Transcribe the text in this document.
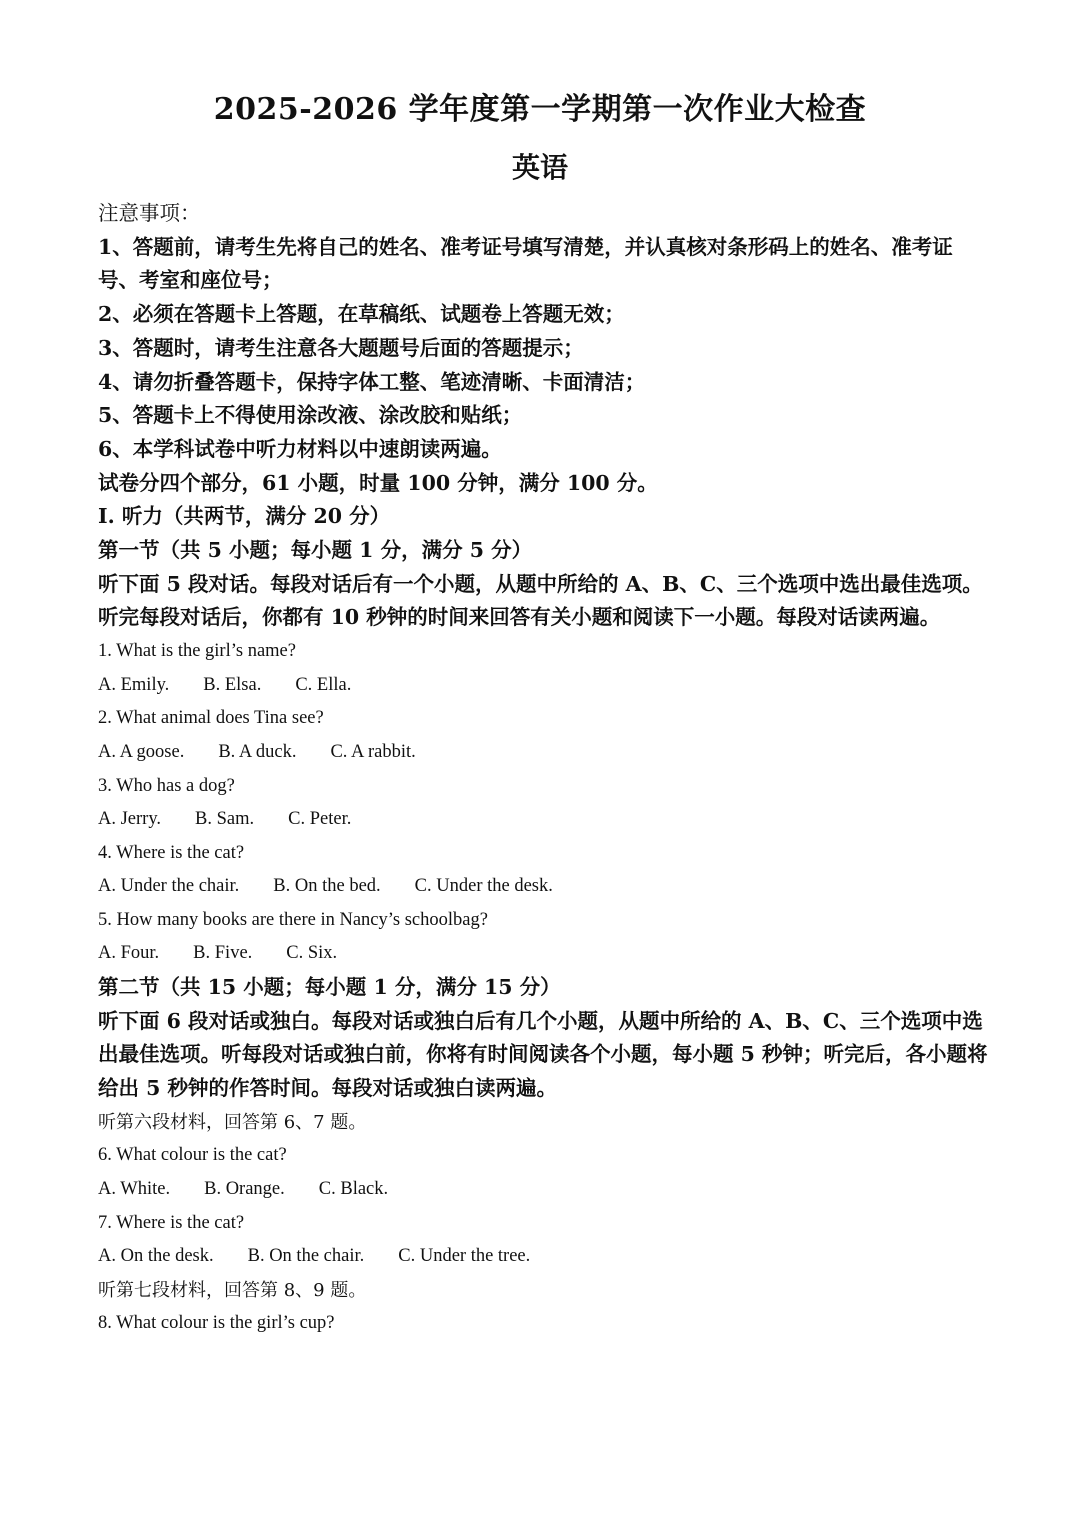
2025-2026 学年度第一学期第一次作业大检查
英语
注意事项：
1、答题前，请考生先将自己的姓名、准考证号填写清楚，并认真核对条形码上的姓名、准考证号、考室和座位号；
2、必须在答题卡上答题，在草稿纸、试题卷上答题无效；
3、答题时，请考生注意各大题题号后面的答题提示；
4、请勿折叠答题卡，保持字体工整、笔迹清晰、卡面清洁；
5、答题卡上不得使用涂改液、涂改胶和贴纸；
6、本学科试卷中听力材料以中速朗读两遍。
试卷分四个部分，61 小题，时量 100 分钟，满分 100 分。
I. 听力（共两节，满分 20 分）
第一节（共 5 小题；每小题 1 分，满分 5 分）
听下面 5 段对话。每段对话后有一个小题，从题中所给的 A、B、C、三个选项中选出最佳选项。听完每段对话后，你都有 10 秒钟的时间来回答有关小题和阅读下一小题。每段对话读两遍。
1. What is the girl’s name?
A. Emily. B. Elsa. C. Ella.
2. What animal does Tina see?
A. A goose. B. A duck. C. A rabbit.
3. Who has a dog?
A. Jerry. B. Sam. C. Peter.
4. Where is the cat?
A. Under the chair. B. On the bed. C. Under the desk.
5. How many books are there in Nancy’s schoolbag?
A. Four. B. Five. C. Six.
第二节（共 15 小题；每小题 1 分，满分 15 分）
听下面 6 段对话或独白。每段对话或独白后有几个小题，从题中所给的 A、B、C、三个选项中选出最佳选项。听每段对话或独白前，你将有时间阅读各个小题，每小题 5 秒钟；听完后，各小题将给出 5 秒钟的作答时间。每段对话或独白读两遍。
听第六段材料，回答第 6、7 题。
6. What colour is the cat?
A. White. B. Orange. C. Black.
7. Where is the cat?
A. On the desk. B. On the chair. C. Under the tree.
听第七段材料，回答第 8、9 题。
8. What colour is the girl’s cup?
